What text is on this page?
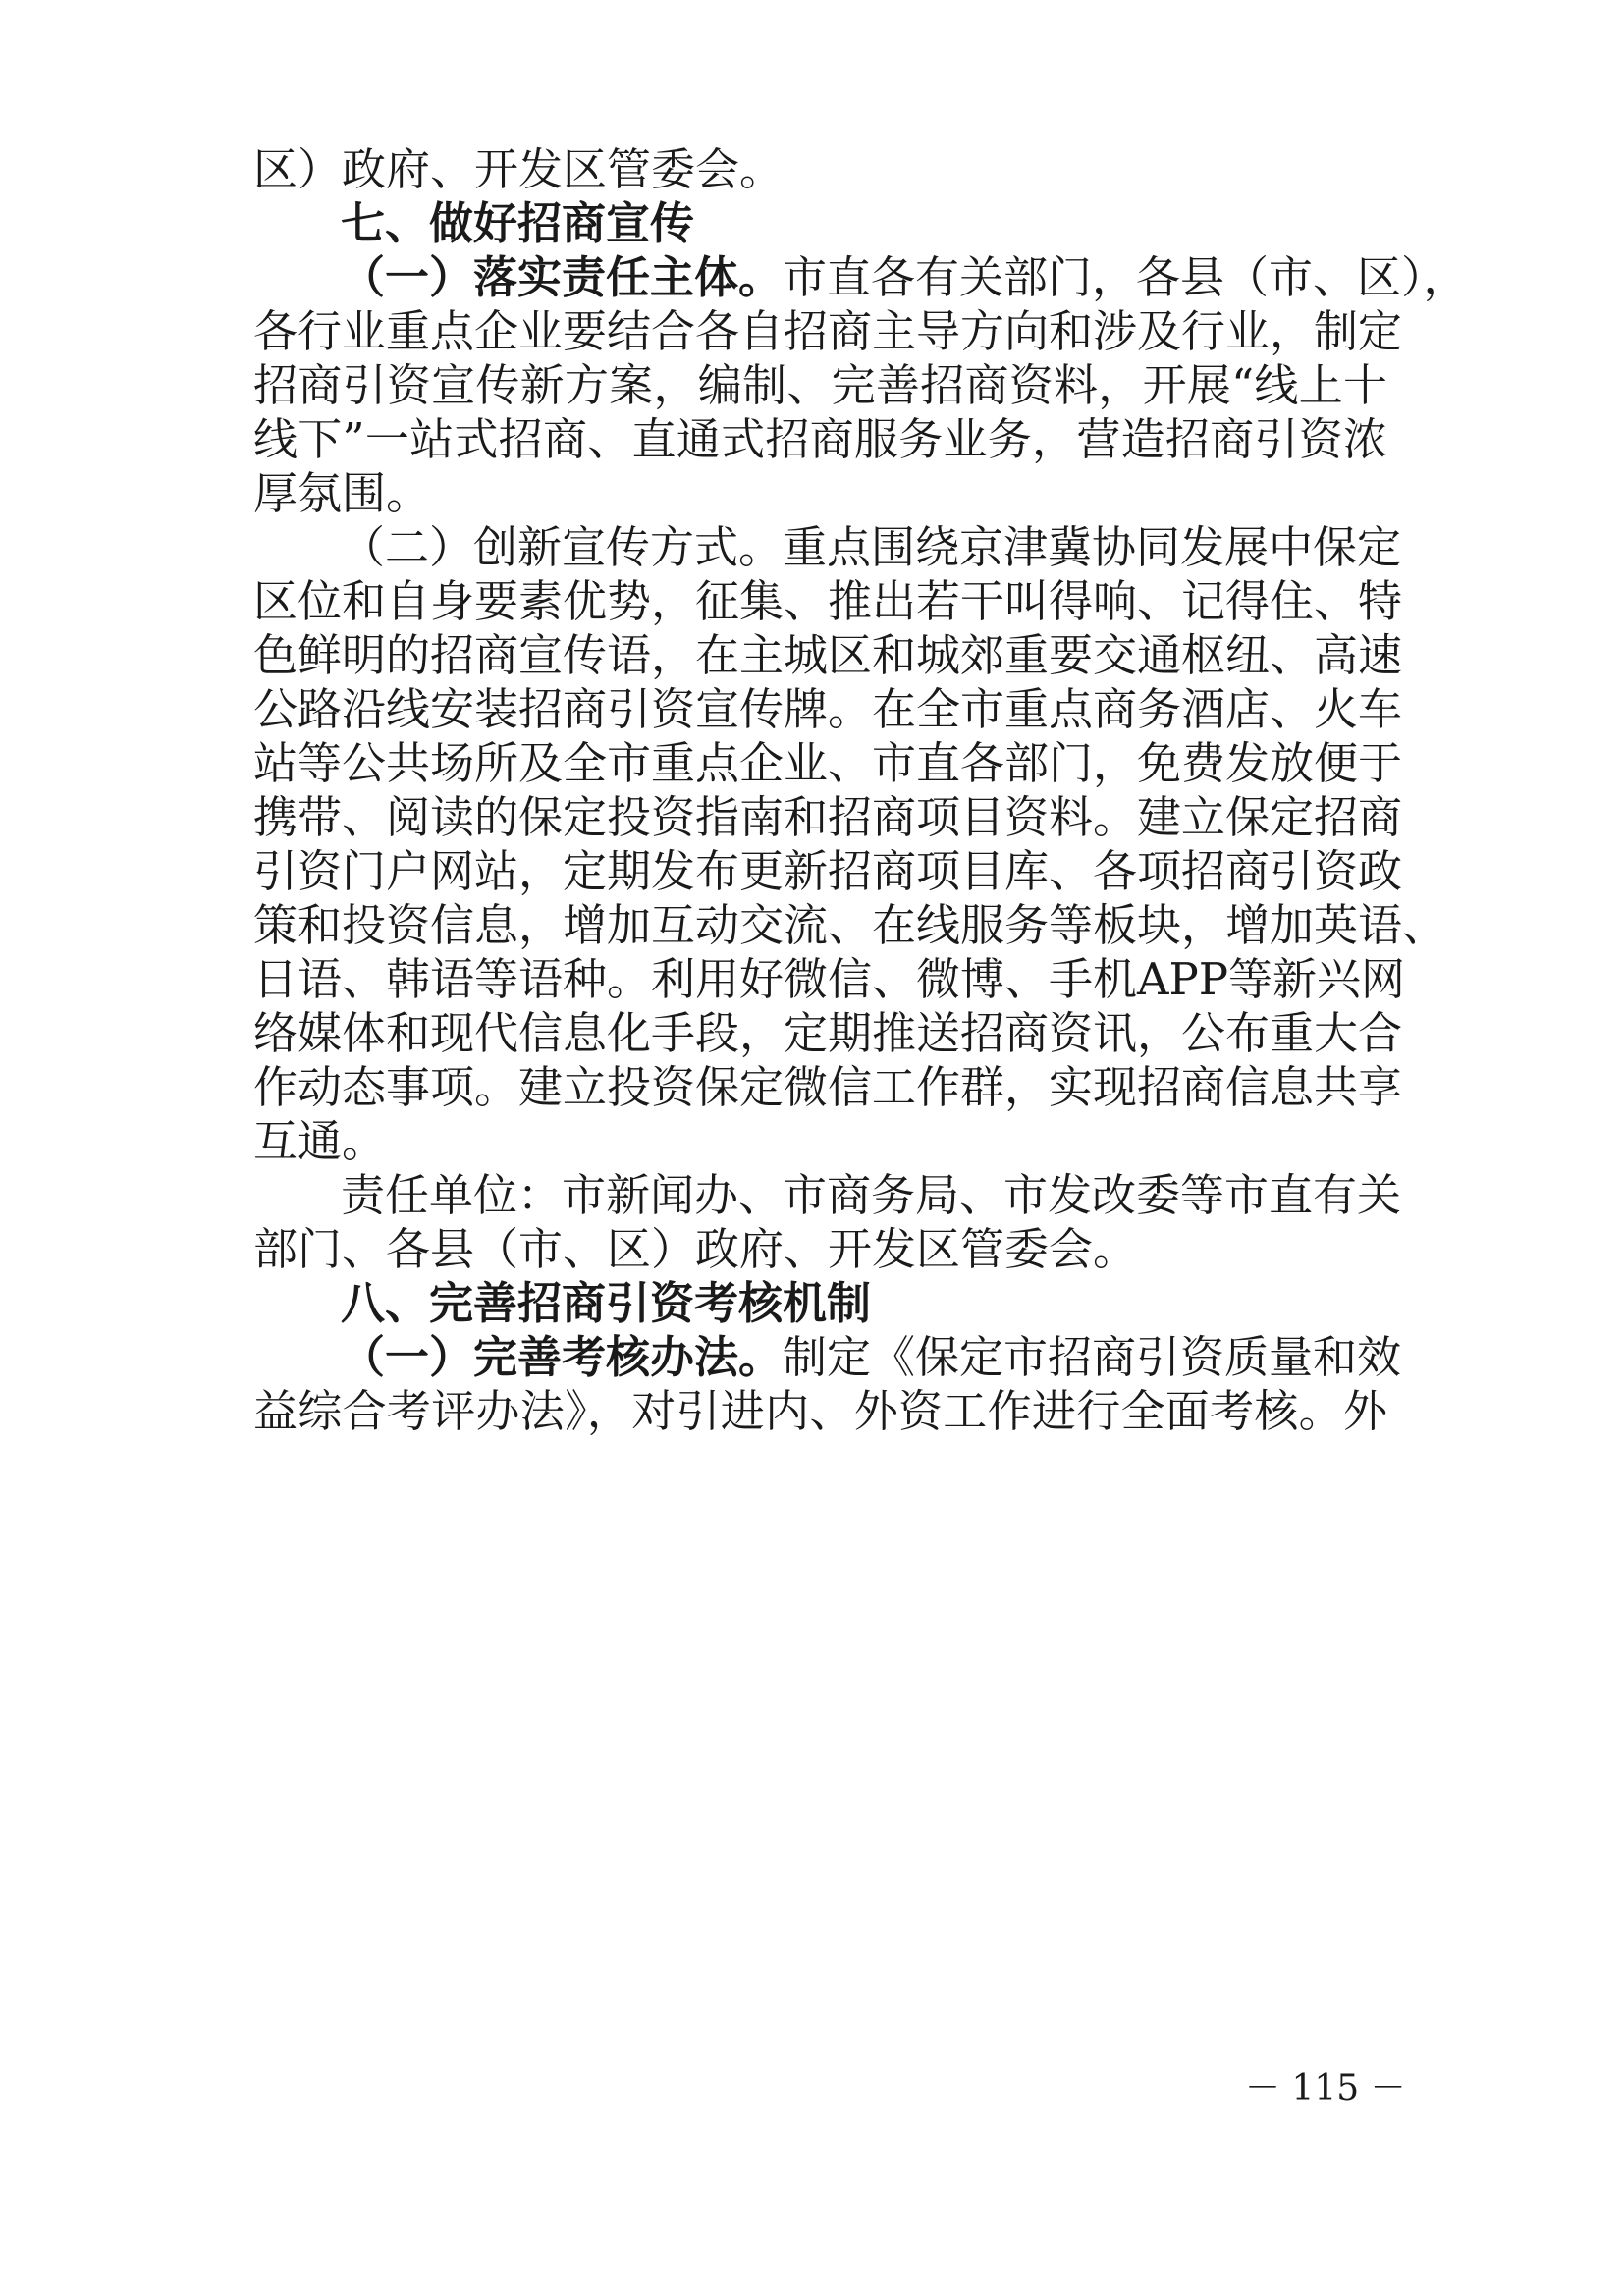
区）政府、开发区管委会。
七、做好招商宣传
（一）落实责任主体。市直各有关部门，各县（市、区），
各行业重点企业要结合各自招商主导方向和涉及行业，制定
招商引资宣传新方案，编制、完善招商资料，开展“线上十
线下”一站式招商、直通式招商服务业务，营造招商引资浓
厚氛围。
（二）创新宣传方式。重点围绕京津冀协同发展中保定
区位和自身要素优势，征集、推出若干叫得响、记得住、特
色鲜明的招商宣传语，在主城区和城郊重要交通枢纽、高速
公路沿线安装招商引资宣传牌。在全市重点商务酒店、火车
站等公共场所及全市重点企业、市直各部门，免费发放便于
携带、阅读的保定投资指南和招商项目资料。建立保定招商
引资门户网站，定期发布更新招商项目库、各项招商引资政
策和投资信息，增加互动交流、在线服务等板块，增加英语、
日语、韩语等语种。利用好微信、微博、手机APP等新兴网
络媒体和现代信息化手段，定期推送招商资讯，公布重大合
作动态事项。建立投资保定微信工作群，实现招商信息共享
互通。
责任单位：市新闻办、市商务局、市发改委等市直有关
部门、各县（市、区）政府、开发区管委会。
八、完善招商引资考核机制
（一）完善考核办法。制定《保定市招商引资质量和效
益综合考评办法》，对引进内、外资工作进行全面考核。外
－ 115 －
